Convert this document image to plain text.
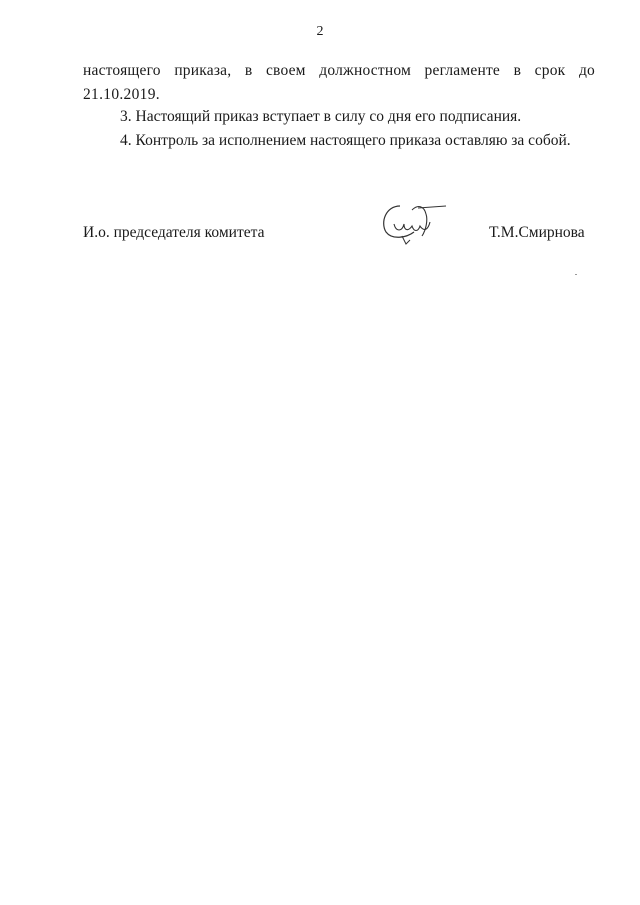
2
настоящего приказа, в своем должностном регламенте в срок до
21.10.2019.
3. Настоящий приказ вступает в силу со дня его подписания.
4. Контроль за исполнением настоящего приказа оставляю за собой.
И.о. председателя комитета	Т.М.Смирнова
